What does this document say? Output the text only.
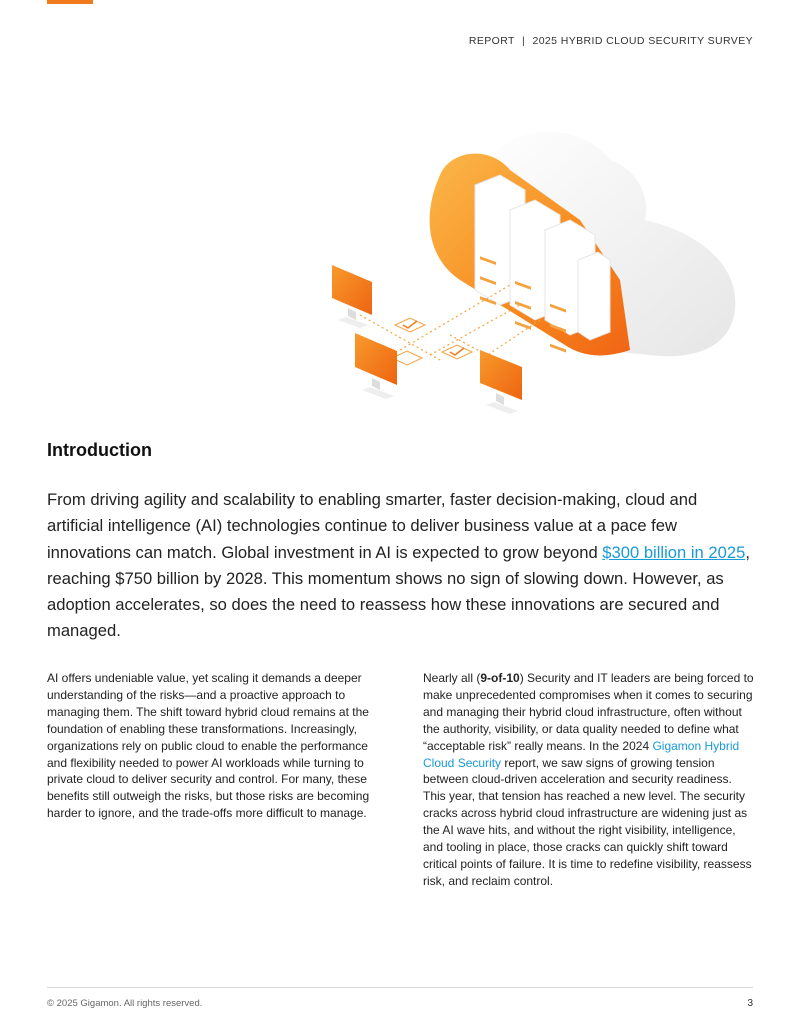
REPORT | 2025 HYBRID CLOUD SECURITY SURVEY
Introduction

From driving agility and scalability to enabling smarter, faster decision-making, cloud and artificial intelligence (AI) technologies continue to deliver business value at a pace few innovations can match. Global investment in AI is expected to grow beyond $300 billion in 2025, reaching $750 billion by 2028. This momentum shows no sign of slowing down. However, as adoption accelerates, so does the need to reassess how these innovations are secured and managed.

AI offers undeniable value, yet scaling it demands a deeper understanding of the risks—and a proactive approach to managing them. The shift toward hybrid cloud remains at the foundation of enabling these transformations. Increasingly, organizations rely on public cloud to enable the performance and flexibility needed to power AI workloads while turning to private cloud to deliver security and control. For many, these benefits still outweigh the risks, but those risks are becoming harder to ignore, and the trade-offs more difficult to manage.

Nearly all (9-of-10) Security and IT leaders are being forced to make unprecedented compromises when it comes to securing and managing their hybrid cloud infrastructure, often without the authority, visibility, or data quality needed to define what “acceptable risk” really means. In the 2024 Gigamon Hybrid Cloud Security report, we saw signs of growing tension between cloud-driven acceleration and security readiness. This year, that tension has reached a new level. The security cracks across hybrid cloud infrastructure are widening just as the AI wave hits, and without the right visibility, intelligence, and tooling in place, those cracks can quickly shift toward critical points of failure. It is time to redefine visibility, reassess risk, and reclaim control.

© 2025 Gigamon. All rights reserved.	3
